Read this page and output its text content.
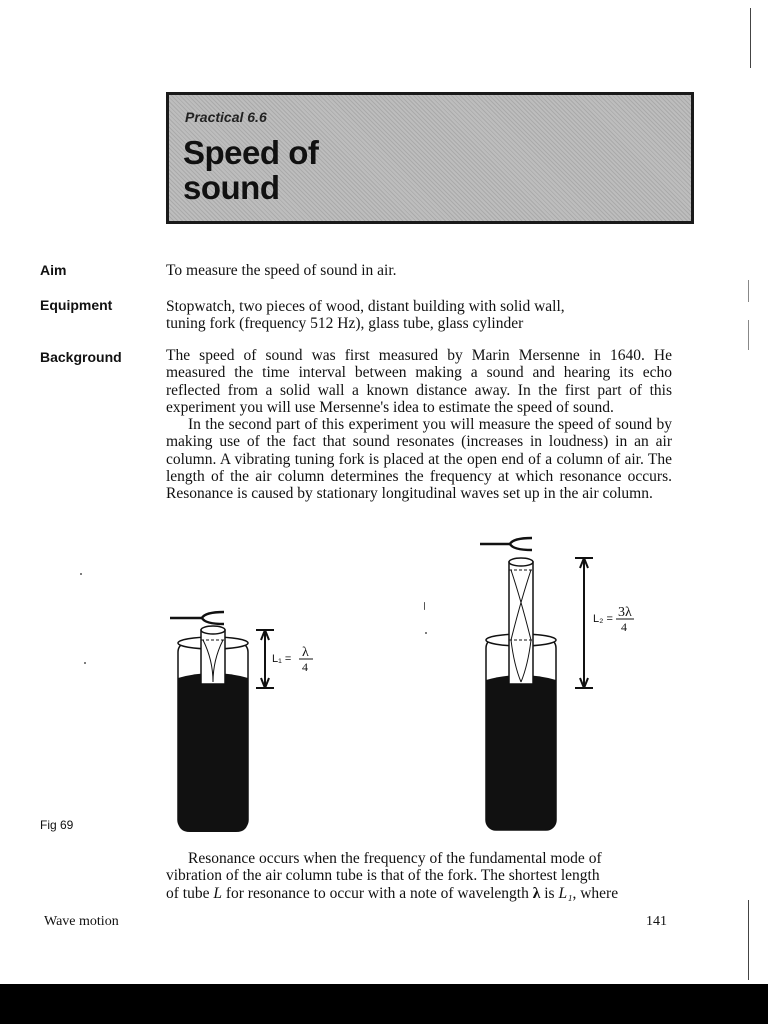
Practical 6.6
Speed of
sound
Aim
Equipment
Background
Fig 69

To measure the speed of sound in air.

Stopwatch, two pieces of wood, distant building with solid wall,

tuning fork (frequency 512 Hz), glass tube, glass cylinder

The speed of sound was first measured by Marin Mersenne in 1640. He measured the time interval between making a sound and hearing its echo reflected from a solid wall a known distance away. In the first part of this experiment you will use Mersenne's idea to estimate the speed of sound.

In the second part of this experiment you will measure the speed of sound by making use of the fact that sound resonates (increases in loudness) in an air column. A vibrating tuning fork is placed at the open end of a column of air. The length of the air column determines the frequency at which resonance occurs. Resonance is caused by stationary longitudinal waves set up in the air column.

L₁ = λ
4
L₂ = 3λ
4

Resonance occurs when the frequency of the fundamental mode of

vibration of the air column tube is that of the fork. The shortest length

of tube L for resonance to occur with a note of wavelength λ is L₁, where

Wave motion	141
